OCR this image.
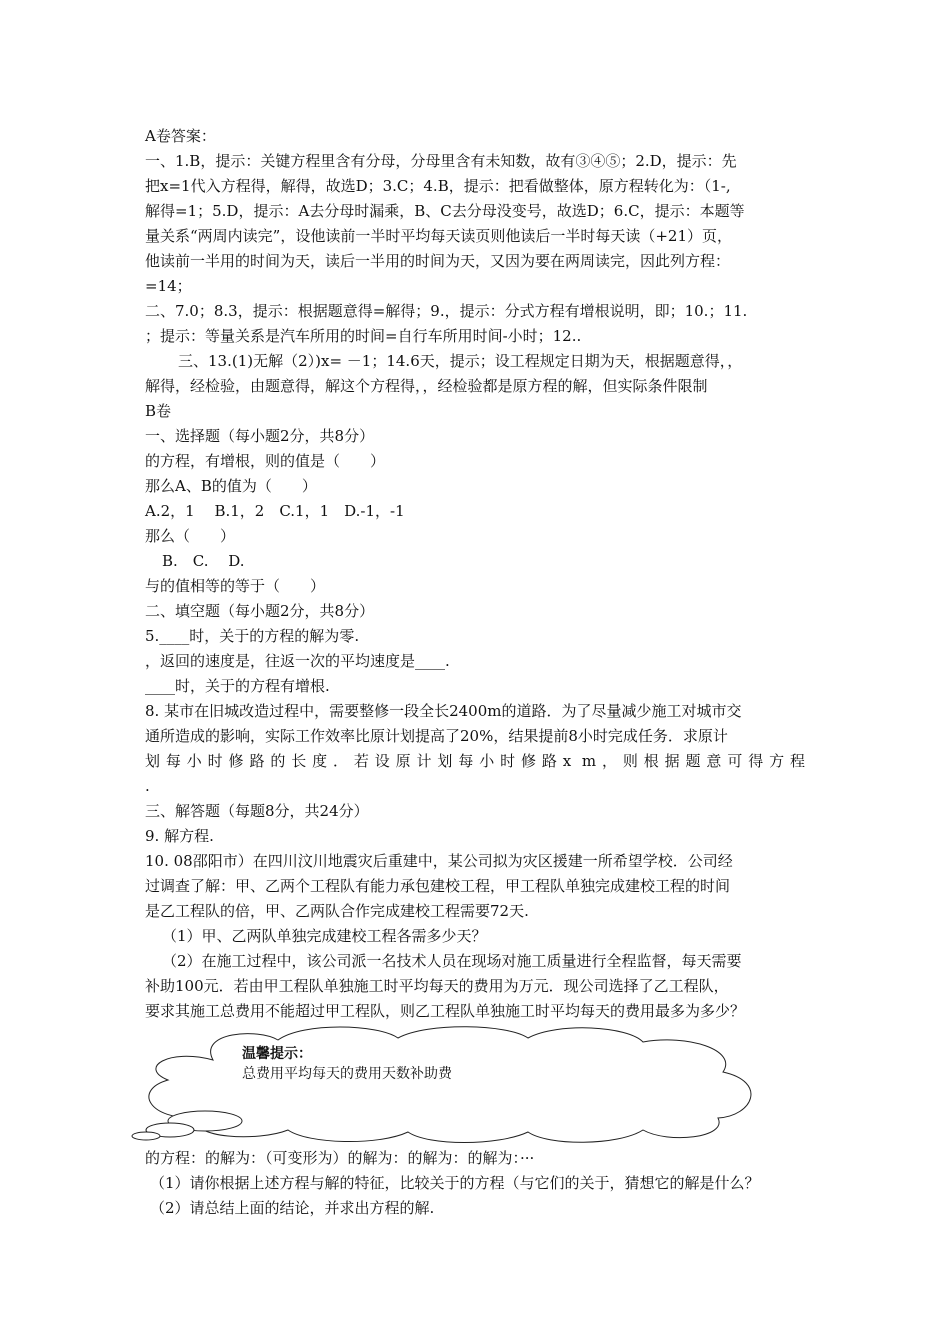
A卷答案：
一、1.B，提示：关键方程里含有分母，分母里含有未知数，故有③④⑤；2.D，提示：先
把x=1代入方程得，解得，故选D；3.C；4.B，提示：把看做整体，原方程转化为：（1-,
解得=1；5.D，提示：A去分母时漏乘，B、C去分母没变号，故选D；6.C，提示：本题等
量关系“两周内读完”，设他读前一半时平均每天读页则他读后一半时每天读（+21）页，
他读前一半用的时间为天，读后一半用的时间为天，又因为要在两周读完，因此列方程：
=14；
二、7.0；8.3，提示：根据题意得=解得；9.，提示：分式方程有增根说明，即；10.；11.
；提示：等量关系是汽车所用的时间=自行车所用时间-小时；12..
三、13.(1)无解（2）)x= －1；14.6天，提示；设工程规定日期为天，根据题意得，，
解得，经检验，由题意得，解这个方程得，，经检验都是原方程的解，但实际条件限制
B卷
一、选择题（每小题2分，共8分）
的方程，有增根，则的值是（　　）
那么A、B的值为（　　）
A.2，1　 B.1，2　C.1，1　D.-1，-1
那么（　　）
B.　C.　 D.
与的值相等的等于（　　）
二、填空题（每小题2分，共8分）
5.____时，关于的方程的解为零.
，返回的速度是，往返一次的平均速度是____.
____时，关于的方程有增根.
8. 某市在旧城改造过程中，需要整修一段全长2400m的道路．为了尽量减少施工对城市交
通所造成的影响，实际工作效率比原计划提高了20%，结果提前8小时完成任务．求原计
划每小时修路的长度．若设原计划每小时修路x m，则根据题意可得方程
.
三、解答题（每题8分，共24分）
9. 解方程.
10. 08邵阳市）在四川汶川地震灾后重建中，某公司拟为灾区援建一所希望学校．公司经
过调查了解：甲、乙两个工程队有能力承包建校工程，甲工程队单独完成建校工程的时间
是乙工程队的倍，甲、乙两队合作完成建校工程需要72天.
（1）甲、乙两队单独完成建校工程各需多少天？
（2）在施工过程中，该公司派一名技术人员在现场对施工质量进行全程监督，每天需要
补助100元．若由甲工程队单独施工时平均每天的费用为万元．现公司选择了乙工程队，
要求其施工总费用不能超过甲工程队，则乙工程队单独施工时平均每天的费用最多为多少？
温馨提示：
总费用平均每天的费用天数补助费
的方程：的解为：（可变形为）的解为：的解为：的解为：···
（1）请你根据上述方程与解的特征，比较关于的方程（与它们的关于，猜想它的解是什么？
（2）请总结上面的结论，并求出方程的解.
